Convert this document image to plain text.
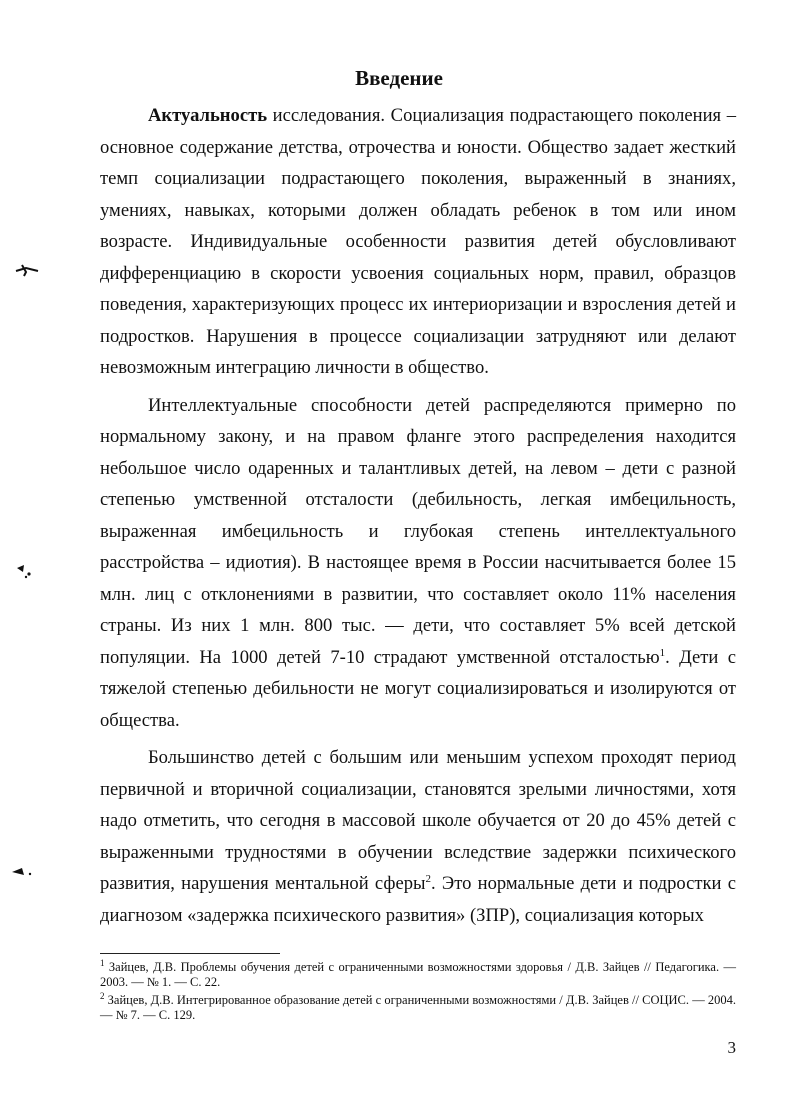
Введение

Актуальность исследования. Социализация подрастающего поколения – основное содержание детства, отрочества и юности. Общество задает жесткий темп социализации подрастающего поколения, выраженный в знаниях, умениях, навыках, которыми должен обладать ребенок в том или ином возрасте. Индивидуальные особенности развития детей обусловливают дифференциацию в скорости усвоения социальных норм, правил, образцов поведения, характеризующих процесс их интериоризации и взросления детей и подростков. Нарушения в процессе социализации затрудняют или делают невозможным интеграцию личности в общество.

Интеллектуальные способности детей распределяются примерно по нормальному закону, и на правом фланге этого распределения находится небольшое число одаренных и талантливых детей, на левом – дети с разной степенью умственной отсталости (дебильность, легкая имбецильность, выраженная имбецильность и глубокая степень интеллектуального расстройства – идиотия). В настоящее время в России насчитывается более 15 млн. лиц с отклонениями в развитии, что составляет около 11% населения страны. Из них 1 млн. 800 тыс. — дети, что составляет 5% всей детской популяции. На 1000 детей 7-10 страдают умственной отсталостью$^1$. Дети с тяжелой степенью дебильности не могут социализироваться и изолируются от общества.

Большинство детей с большим или меньшим успехом проходят период первичной и вторичной социализации, становятся зрелыми личностями, хотя надо отметить, что сегодня в массовой школе обучается от 20 до 45% детей с выраженными трудностями в обучении вследствие задержки психического развития, нарушения ментальной сферы$^2$. Это нормальные дети и подростки с диагнозом «задержка психического развития» (ЗПР), социализация которых

$^1$ Зайцев, Д.В. Проблемы обучения детей с ограниченными возможностями здоровья / Д.В. Зайцев // Педагогика. — 2003. — № 1. — С. 22.

$^2$ Зайцев, Д.В. Интегрированное образование детей с ограниченными возможностями / Д.В. Зайцев // СОЦИС. — 2004. — № 7. — С. 129.

3
